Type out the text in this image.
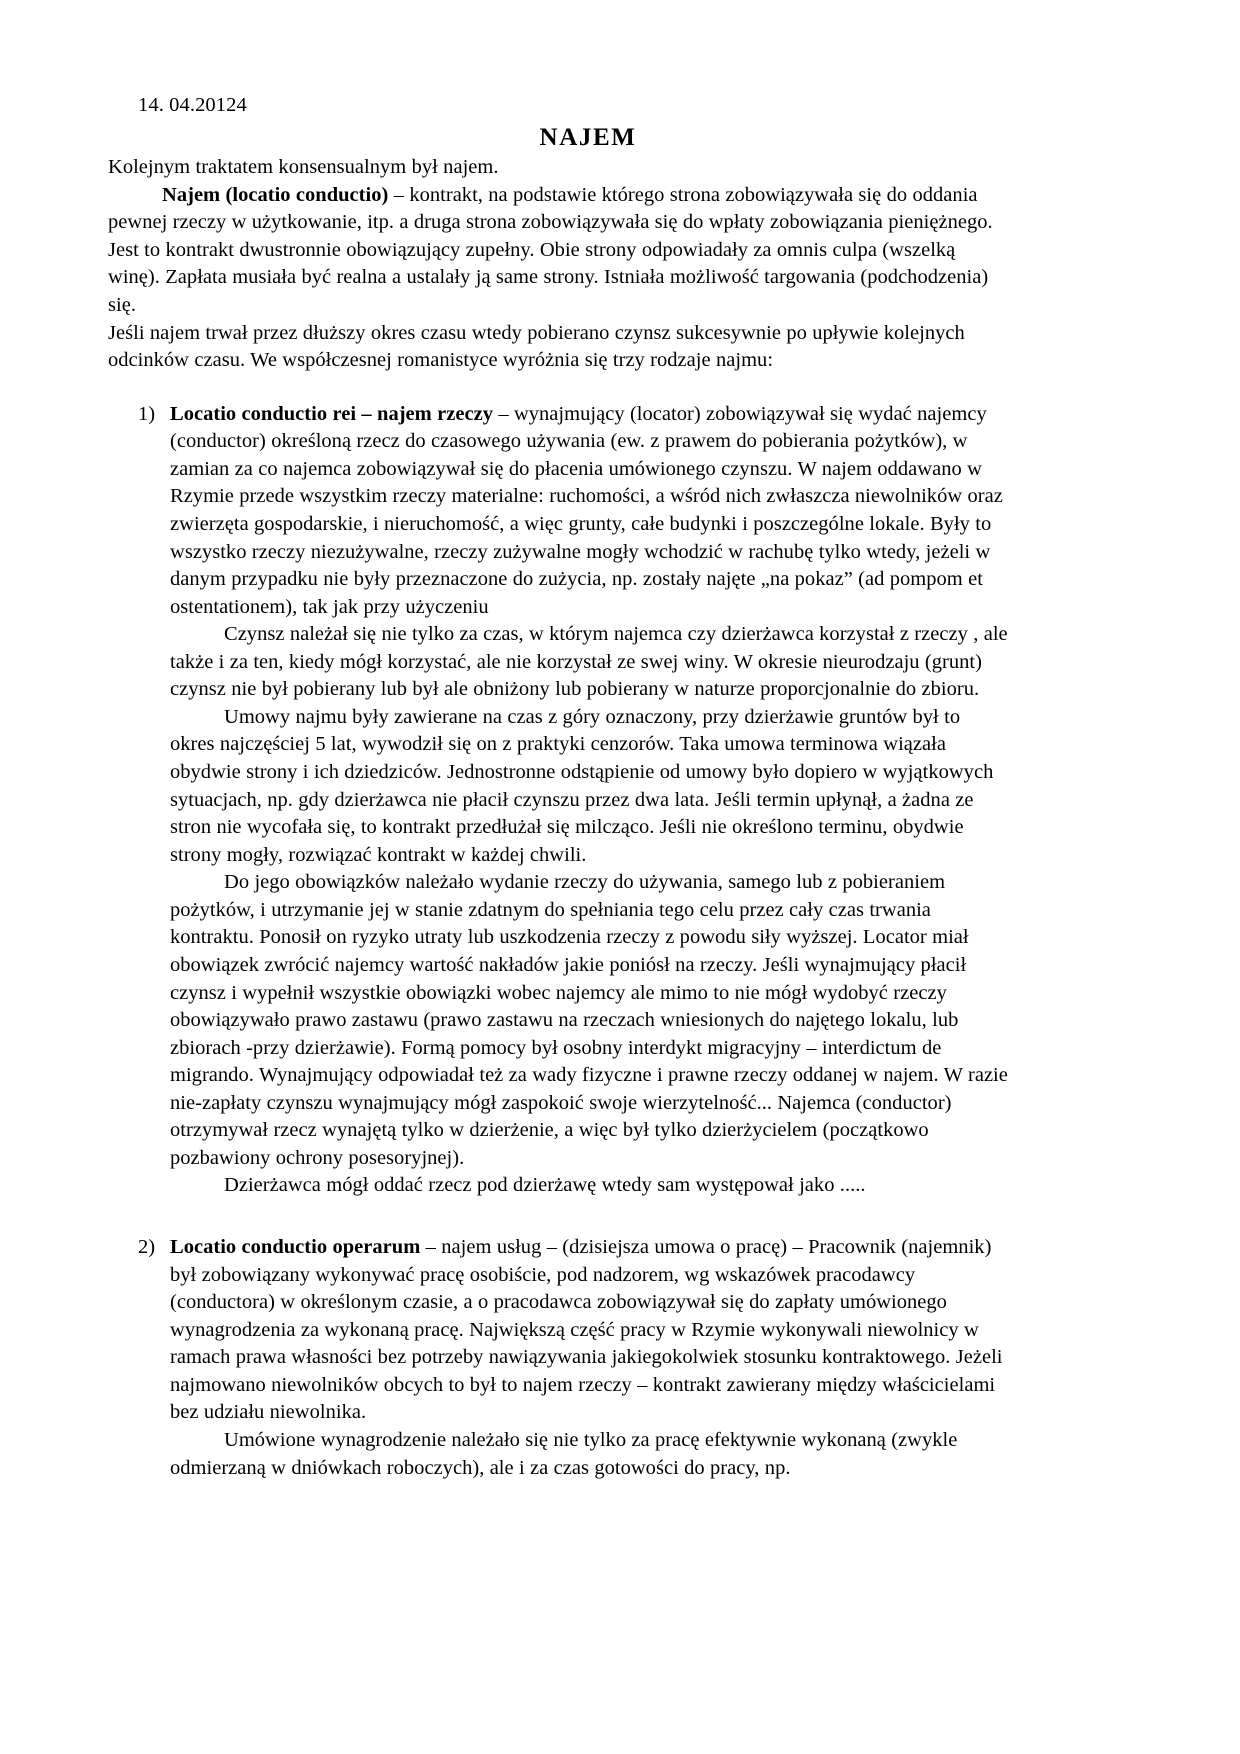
14. 04.20124
NAJEM

Kolejnym traktatem konsensualnym był najem.

Najem (locatio conductio) – kontrakt, na podstawie którego strona zobowiązywała się do oddania pewnej rzeczy w użytkowanie, itp. a druga strona zobowiązywała się do wpłaty zobowiązania pieniężnego. Jest to kontrakt dwustronnie obowiązujący zupełny. Obie strony odpowiadały za omnis culpa (wszelką winę). Zapłata musiała być realna a ustalały ją same strony. Istniała możliwość targowania (podchodzenia) się.

Jeśli najem trwał przez dłuższy okres czasu wtedy pobierano czynsz sukcesywnie po upływie kolejnych odcinków czasu. We współczesnej romanistyce wyróżnia się trzy rodzaje najmu:

1) Locatio conductio rei – najem rzeczy – wynajmujący (locator) zobowiązywał się wydać najemcy (conductor) określoną rzecz do czasowego używania (ew. z prawem do pobierania pożytków), w zamian za co najemca zobowiązywał się do płacenia umówionego czynszu. W najem oddawano w Rzymie przede wszystkim rzeczy materialne: ruchomości, a wśród nich zwłaszcza niewolników oraz zwierzęta gospodarskie, i nieruchomość, a więc grunty, całe budynki i poszczególne lokale. Były to wszystko rzeczy niezużywalne, rzeczy zużywalne mogły wchodzić w rachubę tylko wtedy, jeżeli w danym przypadku nie były przeznaczone do zużycia, np. zostały najęte „na pokaz” (ad pompom et ostentationem), tak jak przy użyczeniu

Czynsz należał się nie tylko za czas, w którym najemca czy dzierżawca korzystał z rzeczy , ale także i za ten, kiedy mógł korzystać, ale nie korzystał ze swej winy. W okresie nieurodzaju (grunt) czynsz nie był pobierany lub był ale obniżony lub pobierany w naturze proporcjonalnie do zbioru.

Umowy najmu były zawierane na czas z góry oznaczony, przy dzierżawie gruntów był to okres najczęściej 5 lat, wywodził się on z praktyki cenzorów. Taka umowa terminowa wiązała obydwie strony i ich dziedziców. Jednostronne odstąpienie od umowy było dopiero w wyjątkowych sytuacjach, np. gdy dzierżawca nie płacił czynszu przez dwa lata. Jeśli termin upłynął, a żadna ze stron nie wycofała się, to kontrakt przedłużał się milcząco. Jeśli nie określono terminu, obydwie strony mogły, rozwiązać kontrakt w każdej chwili.

Do jego obowiązków należało wydanie rzeczy do używania, samego lub z pobieraniem pożytków, i utrzymanie jej w stanie zdatnym do spełniania tego celu przez cały czas trwania kontraktu. Ponosił on ryzyko utraty lub uszkodzenia rzeczy z powodu siły wyższej. Locator miał obowiązek zwrócić najemcy wartość nakładów jakie poniósł na rzeczy. Jeśli wynajmujący płacił czynsz i wypełnił wszystkie obowiązki wobec najemcy ale mimo to nie mógł wydobyć rzeczy obowiązywało prawo zastawu (prawo zastawu na rzeczach wniesionych do najętego lokalu, lub zbiorach -przy dzierżawie). Formą pomocy był osobny interdykt migracyjny – interdictum de migrando. Wynajmujący odpowiadał też za wady fizyczne i prawne rzeczy oddanej w najem. W razie nie-zapłaty czynszu wynajmujący mógł zaspokoić swoje wierzytelność... Najemca (conductor) otrzymywał rzecz wynajętą tylko w dzierżenie, a więc był tylko dzierżycielem (początkowo pozbawiony ochrony posesoryjnej).

Dzierżawca mógł oddać rzecz pod dzierżawę wtedy sam występował jako .....

2) Locatio conductio operarum – najem usług – (dzisiejsza umowa o pracę) – Pracownik (najemnik) był zobowiązany wykonywać pracę osobiście, pod nadzorem, wg wskazówek pracodawcy (conductora) w określonym czasie, a o pracodawca zobowiązywał się do zapłaty umówionego wynagrodzenia za wykonaną pracę. Największą część pracy w Rzymie wykonywali niewolnicy w ramach prawa własności bez potrzeby nawiązywania jakiegokolwiek stosunku kontraktowego. Jeżeli najmowano niewolników obcych to był to najem rzeczy – kontrakt zawierany między właścicielami bez udziału niewolnika.

Umówione wynagrodzenie należało się nie tylko za pracę efektywnie wykonaną (zwykle odmierzaną w dniówkach roboczych), ale i za czas gotowości do pracy, np.
